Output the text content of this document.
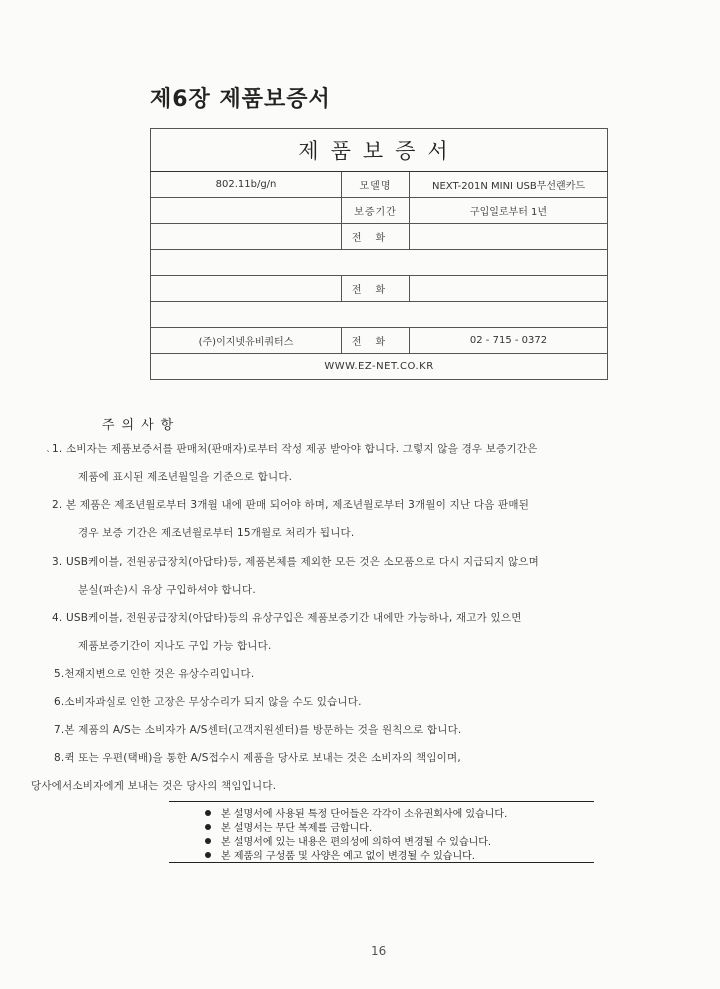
제6장 제품보증서
제품보증서		
802.11b/g/n	모델명	NEXT-201N MINI USB무선랜카드
	보증기간	구입일로부터 1년
	전화	

	전화	

(주)이지넷유비쿼터스	전화	02 - 715 - 0372
WWW.EZ-NET.CO.KR		
주의사항
`
1. 소비자는 제품보증서를 판매처(판매자)로부터 작성 제공 받아야 합니다. 그렇지 않을 경우 보증기간은
제품에 표시된 제조년월일을 기준으로 합니다.
2. 본 제품은 제조년월로부터 3개월 내에 판매 되어야 하며, 제조년월로부터 3개월이 지난 다음 판매된
경우 보증 기간은 제조년월로부터 15개월로 처리가 됩니다.
3. USB케이블, 전원공급장치(아답타)등, 제품본체를 제외한 모든 것은 소모품으로 다시 지급되지 않으며
분실(파손)시 유상 구입하셔야 합니다.
4. USB케이블, 전원공급장치(아답타)등의 유상구입은 제품보증기간 내에만 가능하나, 재고가 있으면
제품보증기간이 지나도 구입 가능 합니다.
5.천재지변으로 인한 것은 유상수리입니다.
6.소비자과실로 인한 고장은 무상수리가 되지 않을 수도 있습니다.
7.본 제품의 A/S는 소비자가 A/S센터(고객지원센터)를 방문하는 것을 원칙으로 합니다.
8.퀵 또는 우편(택배)을 통한 A/S접수시 제품을 당사로 보내는 것은 소비자의 책임이며,
당사에서소비자에게 보내는 것은 당사의 책임입니다.
본 설명서에 사용된 특정 단어들은 각각이 소유권회사에 있습니다.
본 설명서는 무단 복제를 금합니다.
본 설명서에 있는 내용은 편의성에 의하여 변경될 수 있습니다.
본 제품의 구성품 및 사양은 예고 없이 변경될 수 있습니다.
16
